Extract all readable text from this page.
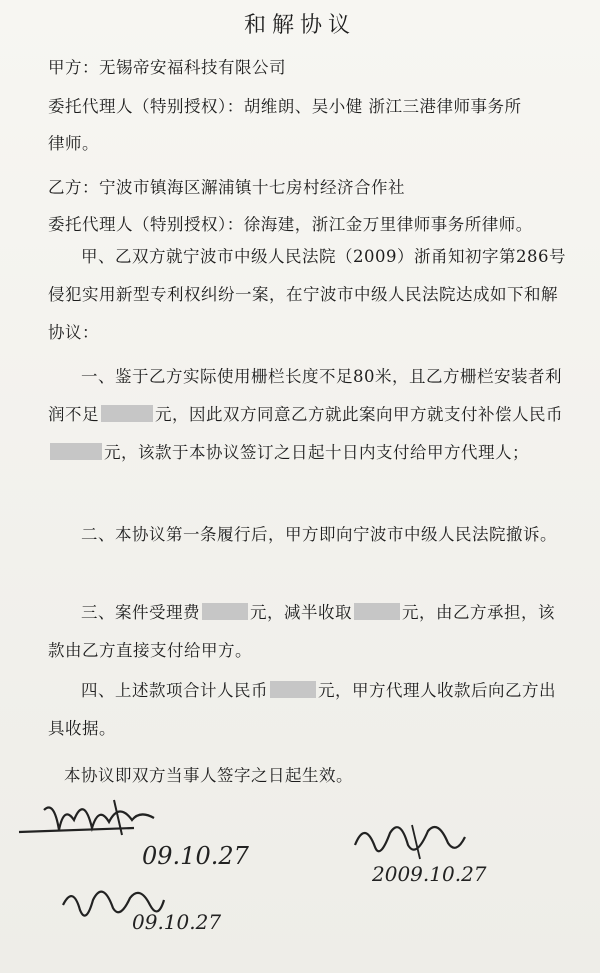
和解协议
甲方：无锡帝安福科技有限公司
委托代理人（特别授权）：胡维朗、吴小健 浙江三港律师事务所
律师。
乙方：宁波市镇海区澥浦镇十七房村经济合作社
委托代理人（特别授权）：徐海建，浙江金万里律师事务所律师。
甲、乙双方就宁波市中级人民法院（2009）浙甬知初字第286号侵犯实用新型专利权纠纷一案，在宁波市中级人民法院达成如下和解协议：
一、鉴于乙方实际使用栅栏长度不足80米，且乙方栅栏安装者利润不足	元，因此双方同意乙方就此案向甲方就支付补偿人民币元，该款于本协议签订之日起十日内支付给甲方代理人；
二、本协议第一条履行后，甲方即向宁波市中级人民法院撤诉。
三、案件受理费	元，减半收取	元，由乙方承担，该款由乙方直接支付给甲方。
四、上述款项合计人民币	元，甲方代理人收款后向乙方出具收据。
本协议即双方当事人签字之日起生效。
09.10.27
09.10.27
2009.10.27
